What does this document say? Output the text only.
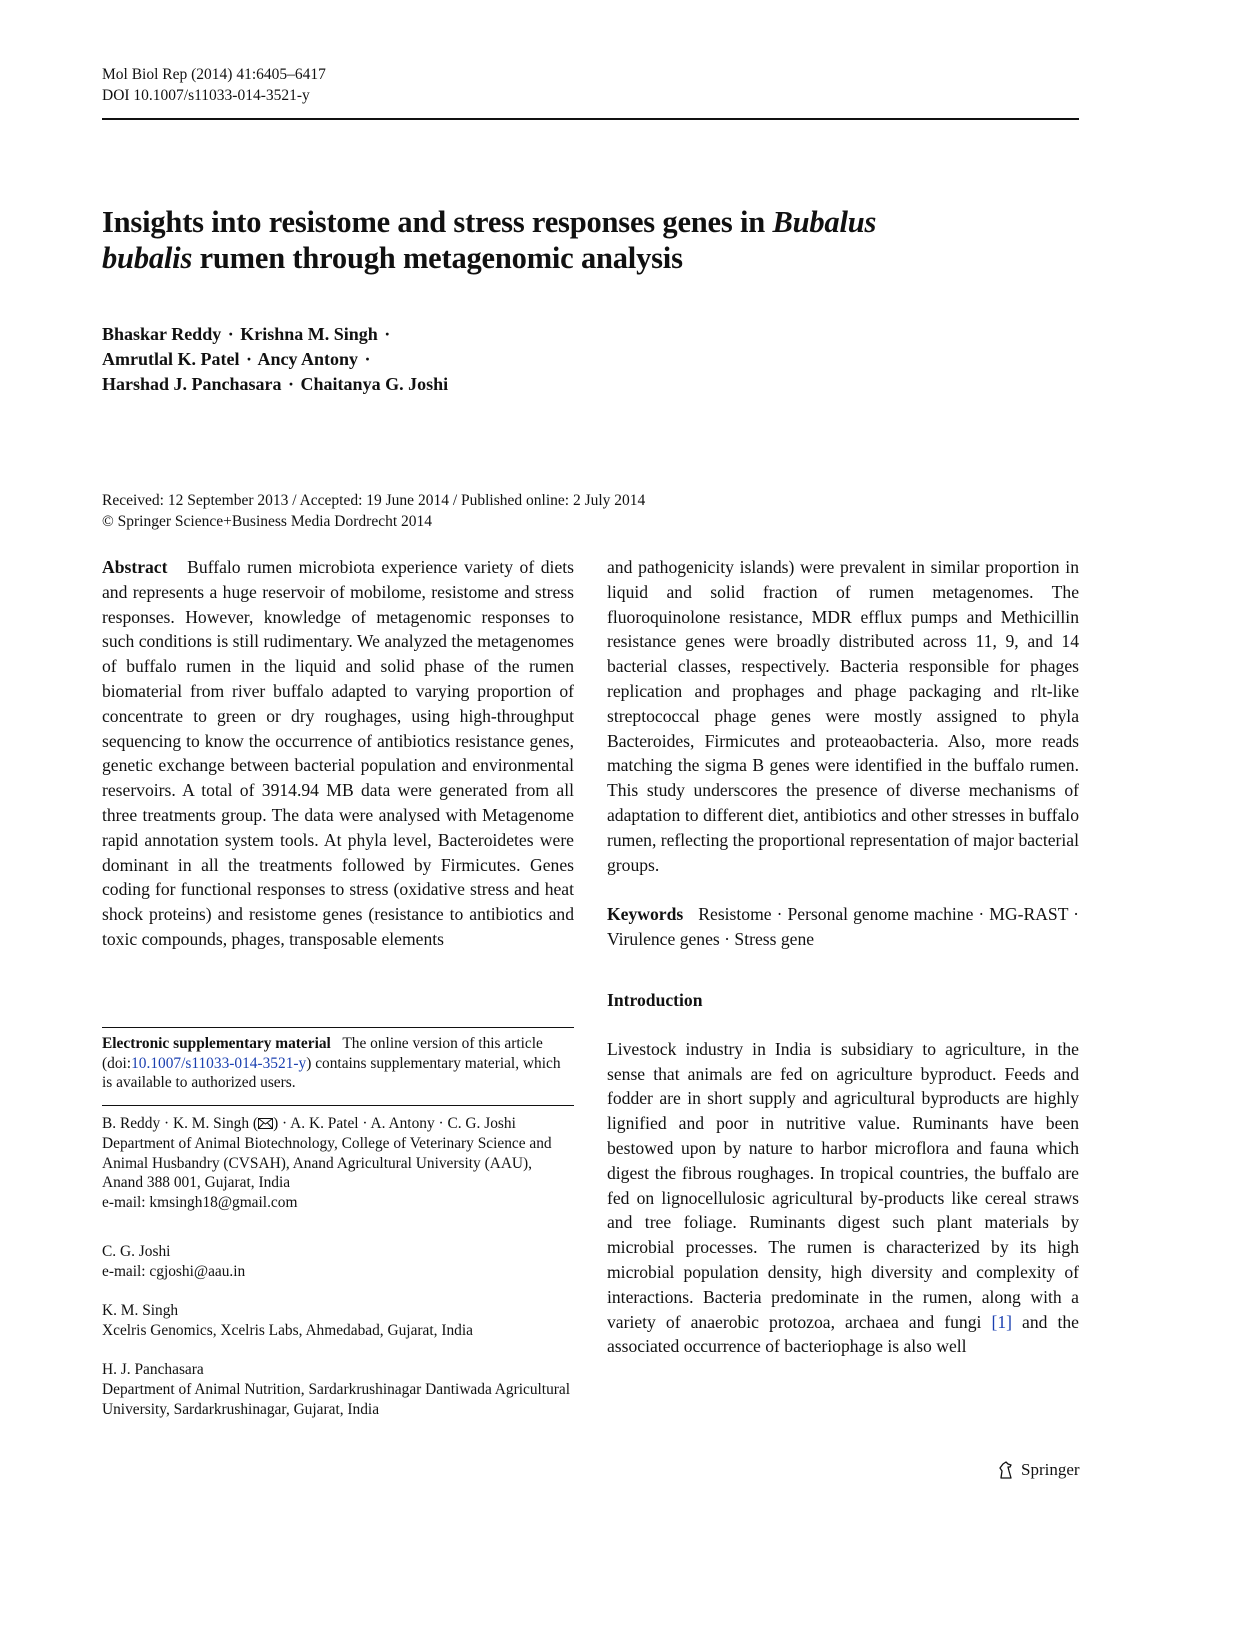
Mol Biol Rep (2014) 41:6405–6417
DOI 10.1007/s11033-014-3521-y
Insights into resistome and stress responses genes in Bubalus
bubalis rumen through metagenomic analysis
Bhaskar Reddy · Krishna M. Singh ·
Amrutlal K. Patel · Ancy Antony ·
Harshad J. Panchasara · Chaitanya G. Joshi
Received: 12 September 2013 / Accepted: 19 June 2014 / Published online: 2 July 2014
© Springer Science+Business Media Dordrecht 2014

Abstract Buffalo rumen microbiota experience variety of diets and represents a huge reservoir of mobilome, resistome and stress responses. However, knowledge of metagenomic responses to such conditions is still rudimentary. We analyzed the metagenomes of buffalo rumen in the liquid and solid phase of the rumen biomaterial from river buffalo adapted to varying proportion of concentrate to green or dry roughages, using high-throughput sequencing to know the occurrence of antibiotics resistance genes, genetic exchange between bacterial population and environmental reservoirs. A total of 3914.94 MB data were generated from all three treatments group. The data were analysed with Metagenome rapid annotation system tools. At phyla level, Bacteroidetes were dominant in all the treatments followed by Firmicutes. Genes coding for functional responses to stress (oxidative stress and heat shock proteins) and resistome genes (resistance to antibiotics and toxic compounds, phages, transposable elements

and pathogenicity islands) were prevalent in similar proportion in liquid and solid fraction of rumen metagenomes. The fluoroquinolone resistance, MDR efflux pumps and Methicillin resistance genes were broadly distributed across 11, 9, and 14 bacterial classes, respectively. Bacteria responsible for phages replication and prophages and phage packaging and rlt-like streptococcal phage genes were mostly assigned to phyla Bacteroides, Firmicutes and proteaobacteria. Also, more reads matching the sigma B genes were identified in the buffalo rumen. This study underscores the presence of diverse mechanisms of adaptation to different diet, antibiotics and other stresses in buffalo rumen, reflecting the proportional representation of major bacterial groups.

Keywords Resistome · Personal genome machine · MG-RAST · Virulence genes · Stress gene

Introduction

Livestock industry in India is subsidiary to agriculture, in the sense that animals are fed on agriculture byproduct. Feeds and fodder are in short supply and agricultural byproducts are highly lignified and poor in nutritive value. Ruminants have been bestowed upon by nature to harbor microflora and fauna which digest the fibrous roughages. In tropical countries, the buffalo are fed on lignocellulosic agricultural by-products like cereal straws and tree foliage. Ruminants digest such plant materials by microbial processes. The rumen is characterized by its high microbial population density, high diversity and complexity of interactions. Bacteria predominate in the rumen, along with a variety of anaerobic protozoa, archaea and fungi [1] and the associated occurrence of bacteriophage is also well

Electronic supplementary material The online version of this article (doi:10.1007/s11033-014-3521-y) contains supplementary material, which is available to authorized users.

B. Reddy · K. M. Singh ( ) · A. K. Patel · A. Antony · C. G. Joshi

Department of Animal Biotechnology, College of Veterinary Science and Animal Husbandry (CVSAH), Anand Agricultural University (AAU), Anand 388 001, Gujarat, India

e-mail: kmsingh18@gmail.com

C. G. Joshi

e-mail: cgjoshi@aau.in

K. M. Singh

Xcelris Genomics, Xcelris Labs, Ahmedabad, Gujarat, India

H. J. Panchasara

Department of Animal Nutrition, Sardarkrushinagar Dantiwada Agricultural University, Sardarkrushinagar, Gujarat, India

Springer
